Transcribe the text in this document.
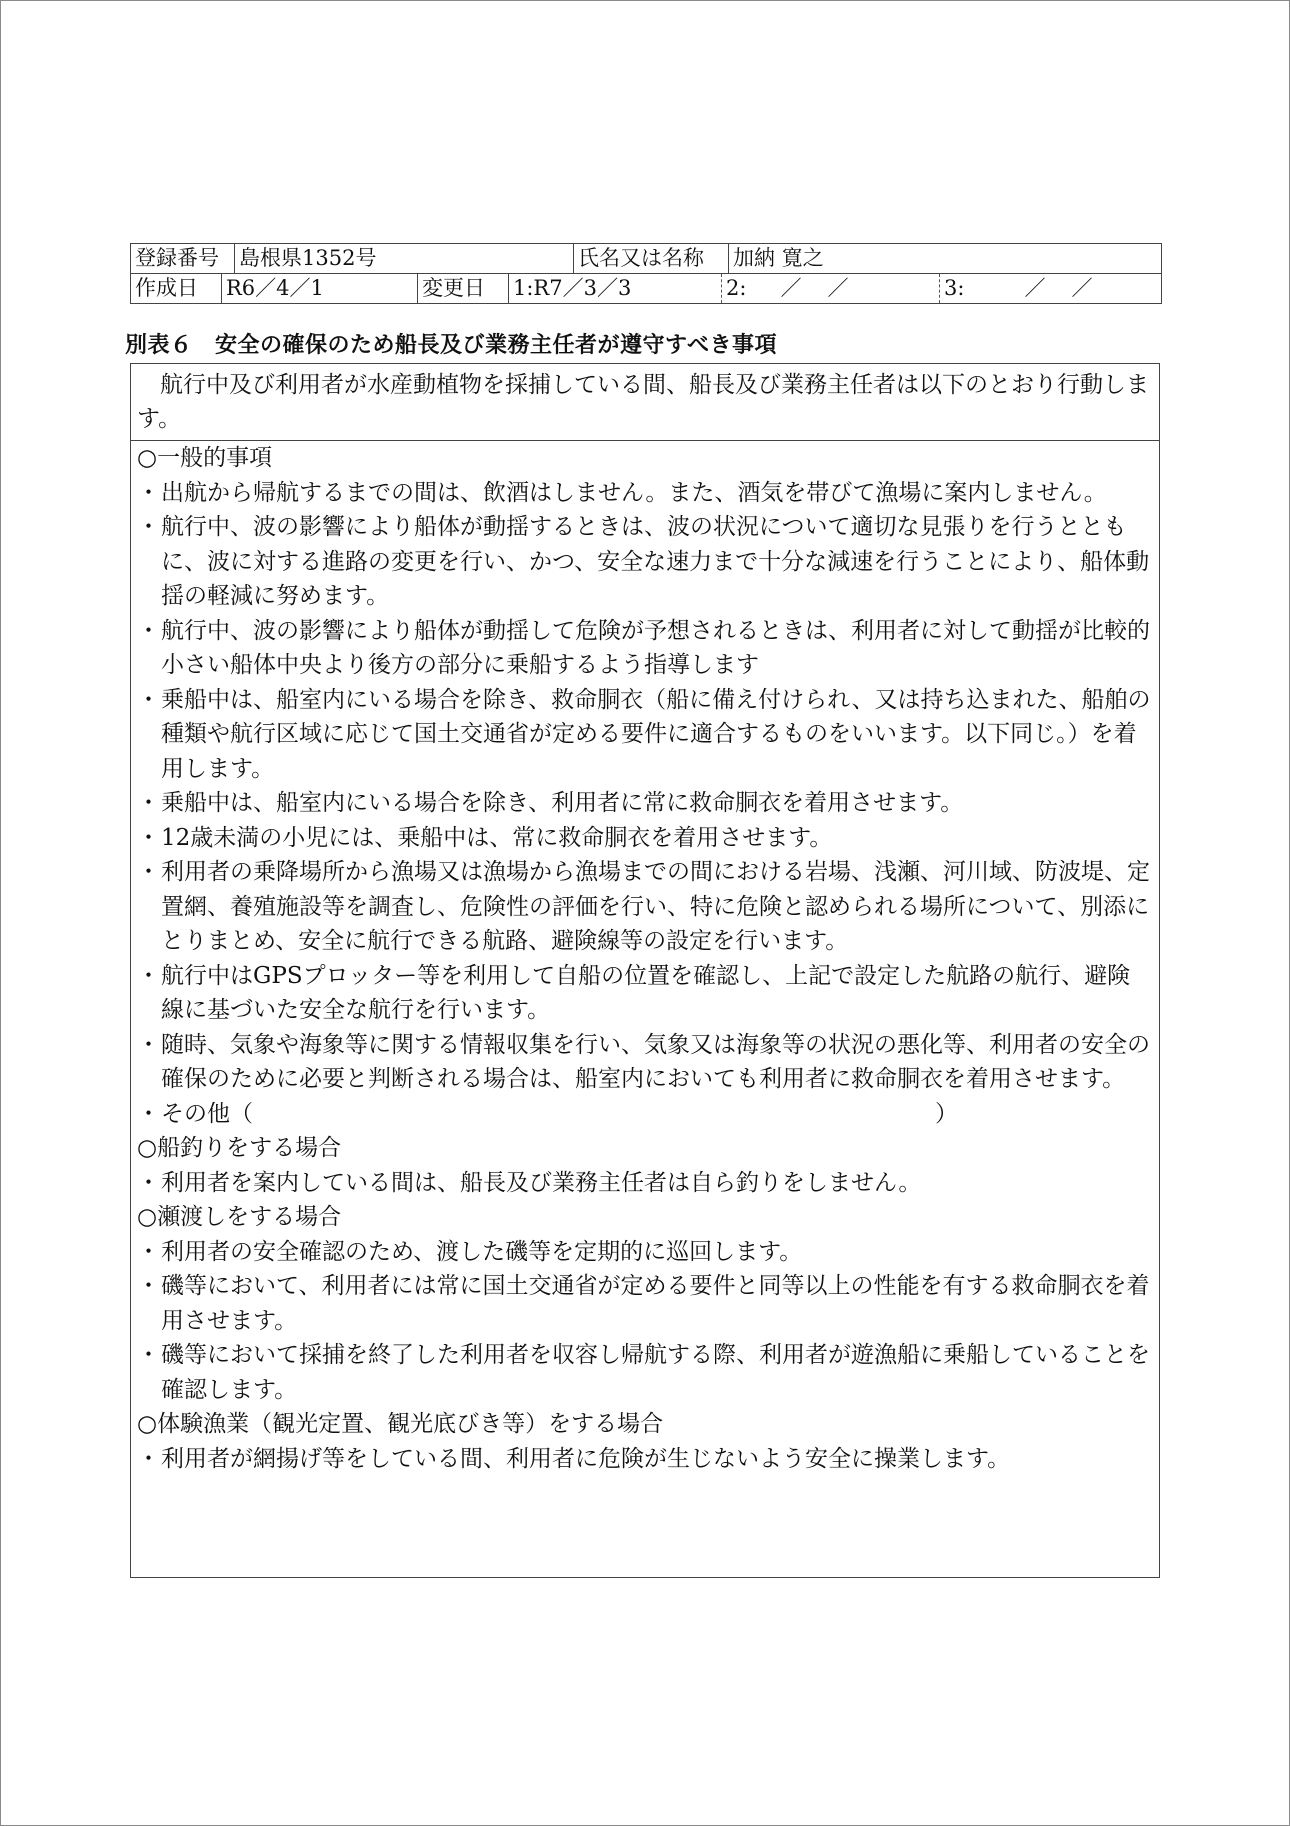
登録番号 島根県1352号	氏名又は名称	加納 寛之
作成日	R6／4／1	変更日	1:R7／3／3	2: ／ ／	3:	／ ／
別表６　安全の確保のため船長及び業務主任者が遵守すべき事項
航行中及び利用者が水産動植物を採捕している間、船長及び業務主任者は以下のとおり行動します。
○一般的事項
・ 出航から帰航するまでの間は、飲酒はしません。また、酒気を帯びて漁場に案内しません。
・ 航行中、波の影響により船体が動揺するときは、波の状況について適切な見張りを行うとともに、波に対する進路の変更を行い、かつ、安全な速力まで十分な減速を行うことにより、船体動揺の軽減に努めます。
・ 航行中、波の影響により船体が動揺して危険が予想されるときは、利用者に対して動揺が比較的小さい船体中央より後方の部分に乗船するよう指導します
・ 乗船中は、船室内にいる場合を除き、救命胴衣（船に備え付けられ、又は持ち込まれた、船舶の種類や航行区域に応じて国土交通省が定める要件に適合するものをいいます。以下同じ。）を着用します。
・ 乗船中は、船室内にいる場合を除き、利用者に常に救命胴衣を着用させます。
・ 12歳未満の小児には、乗船中は、常に救命胴衣を着用させます。
・ 利用者の乗降場所から漁場又は漁場から漁場までの間における岩場、浅瀬、河川域、防波堤、定置網、養殖施設等を調査し、危険性の評価を行い、特に危険と認められる場所について、別添にとりまとめ、安全に航行できる航路、避険線等の設定を行います。
・ 航行中はGPSプロッター等を利用して自船の位置を確認し、上記で設定した航路の航行、避険線に基づいた安全な航行を行います。
・ 随時、気象や海象等に関する情報収集を行い、気象又は海象等の状況の悪化等、利用者の安全の確保のために必要と判断される場合は、船室内においても利用者に救命胴衣を着用させます。
・ その他（	）
○船釣りをする場合
・ 利用者を案内している間は、船長及び業務主任者は自ら釣りをしません。
○瀬渡しをする場合
・ 利用者の安全確認のため、渡した磯等を定期的に巡回します。
・ 磯等において、利用者には常に国土交通省が定める要件と同等以上の性能を有する救命胴衣を着用させます。
・ 磯等において採捕を終了した利用者を収容し帰航する際、利用者が遊漁船に乗船していることを確認します。
○体験漁業（観光定置、観光底びき等）をする場合
・ 利用者が網揚げ等をしている間、利用者に危険が生じないよう安全に操業します。
